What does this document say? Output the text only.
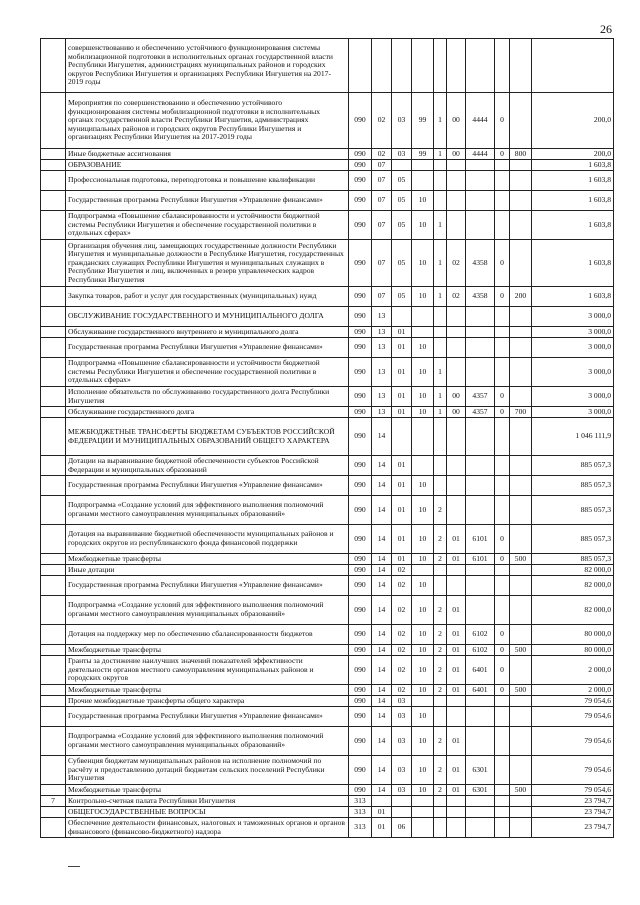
26
	совершенствованию и обеспечению устойчивого функционирования системы мобилизационной подготовки в исполнительных органах государственной власти Республики Ингушетия, администрациях муниципальных районов и городских округов Республики Ингушетия и организациях Республики Ингушетия на 2017-2019 годы										
	Мероприятия по совершенствованию и обеспечению устойчивого функционирования системы мобилизационной подготовки в исполнительных органах государственной власти Республики Ингушетия, администрациях муниципальных районов и городских округов Республики Ингушетия и организациях Республики Ингушетия на 2017-2019 годы	090	02	03	99	1	00	4444	0		200,0
	Иные бюджетные ассигнования	090	02	03	99	1	00	4444	0	800	200,0
	ОБРАЗОВАНИЕ	090	07								1 603,8
	Профессиональная подготовка, переподготовка и повышение квалификации	090	07	05							1 603,8
	Государственная программа Республики Ингушетия «Управление финансами»	090	07	05	10						1 603,8
	Подпрограмма «Повышение сбалансированности и устойчивости бюджетной системы Республики Ингушетия и обеспечение государственной политики в отдельных сферах»	090	07	05	10	1					1 603,8
	Организация обучения лиц, замещающих государственные должности Республики Ингушетия и муниципальные должности в Республике Ингушетия, государственных гражданских служащих Республики Ингушетия и муниципальных служащих в Республике Ингушетия и лиц, включенных в резерв управленческих кадров Республики Ингушетия	090	07	05	10	1	02	4358	0		1 603,8
	Закупка товаров, работ и услуг для государственных (муниципальных) нужд	090	07	05	10	1	02	4358	0	200	1 603,8
	ОБСЛУЖИВАНИЕ ГОСУДАРСТВЕННОГО И МУНИЦИПАЛЬНОГО ДОЛГА	090	13								3 000,0
	Обслуживание государственного внутреннего и муниципального долга	090	13	01							3 000,0
	Государственная программа Республики Ингушетия «Управление финансами»	090	13	01	10						3 000,0
	Подпрограмма «Повышение сбалансированности и устойчивости бюджетной системы Республики Ингушетия и обеспечение государственной политики в отдельных сферах»	090	13	01	10	1					3 000,0
	Исполнение обязательств по обслуживанию государственного долга Республики Ингушетия	090	13	01	10	1	00	4357	0		3 000,0
	Обслуживание государственного долга	090	13	01	10	1	00	4357	0	700	3 000,0
	МЕЖБЮДЖЕТНЫЕ ТРАНСФЕРТЫ БЮДЖЕТАМ СУБЪЕКТОВ РОССИЙСКОЙ ФЕДЕРАЦИИ И МУНИЦИПАЛЬНЫХ ОБРАЗОВАНИЙ ОБЩЕГО ХАРАКТЕРА	090	14								1 046 111,9
	Дотации на выравнивание бюджетной обеспеченности субъектов Российской Федерации и муниципальных образований	090	14	01							885 057,3
	Государственная программа Республики Ингушетия «Управление финансами»	090	14	01	10						885 057,3
	Подпрограмма «Создание условий для эффективного выполнения полномочий органами местного самоуправления муниципальных образований»	090	14	01	10	2					885 057,3
	Дотация на выравнивание бюджетной обеспеченности муниципальных районов и городских округов из республиканского фонда финансовой поддержки	090	14	01	10	2	01	6101	0		885 057,3
	Межбюджетные трансферты	090	14	01	10	2	01	6101	0	500	885 057,3
	Иные дотации	090	14	02							82 000,0
	Государственная программа Республики Ингушетия «Управление финансами»	090	14	02	10						82 000,0
	Подпрограмма «Создание условий для эффективного выполнения полномочий органами местного самоуправления муниципальных образований»	090	14	02	10	2	01				82 000,0
	Дотация на поддержку мер по обеспечению сбалансированности бюджетов	090	14	02	10	2	01	6102	0		80 000,0
	Межбюджетные трансферты	090	14	02	10	2	01	6102	0	500	80 000,0
	Гранты за достижение наилучших значений показателей эффективности деятельности органов местного самоуправления муниципальных районов и городских округов	090	14	02	10	2	01	6401	0		2 000,0
	Межбюджетные трансферты	090	14	02	10	2	01	6401	0	500	2 000,0
	Прочие межбюджетные трансферты общего характера	090	14	03							79 054,6
	Государственная программа Республики Ингушетия «Управление финансами»	090	14	03	10						79 054,6
	Подпрограмма «Создание условий для эффективного выполнения полномочий органами местного самоуправления муниципальных образований»	090	14	03	10	2	01				79 054,6
	Субвенция бюджетам муниципальных районов на исполнение полномочий по расчёту и предоставлению дотаций бюджетам сельских поселений Республики Ингушетия	090	14	03	10	2	01	6301			79 054,6
	Межбюджетные трансферты	090	14	03	10	2	01	6301		500	79 054,6
7	Контрольно-счетная палата Республики Ингушетия	313									23 794,7
	ОБЩЕГОСУДАРСТВЕННЫЕ ВОПРОСЫ	313	01								23 794,7
	Обеспечение деятельности финансовых, налоговых и таможенных органов и органов финансового (финансово-бюджетного) надзора	313	01	06							23 794,7
